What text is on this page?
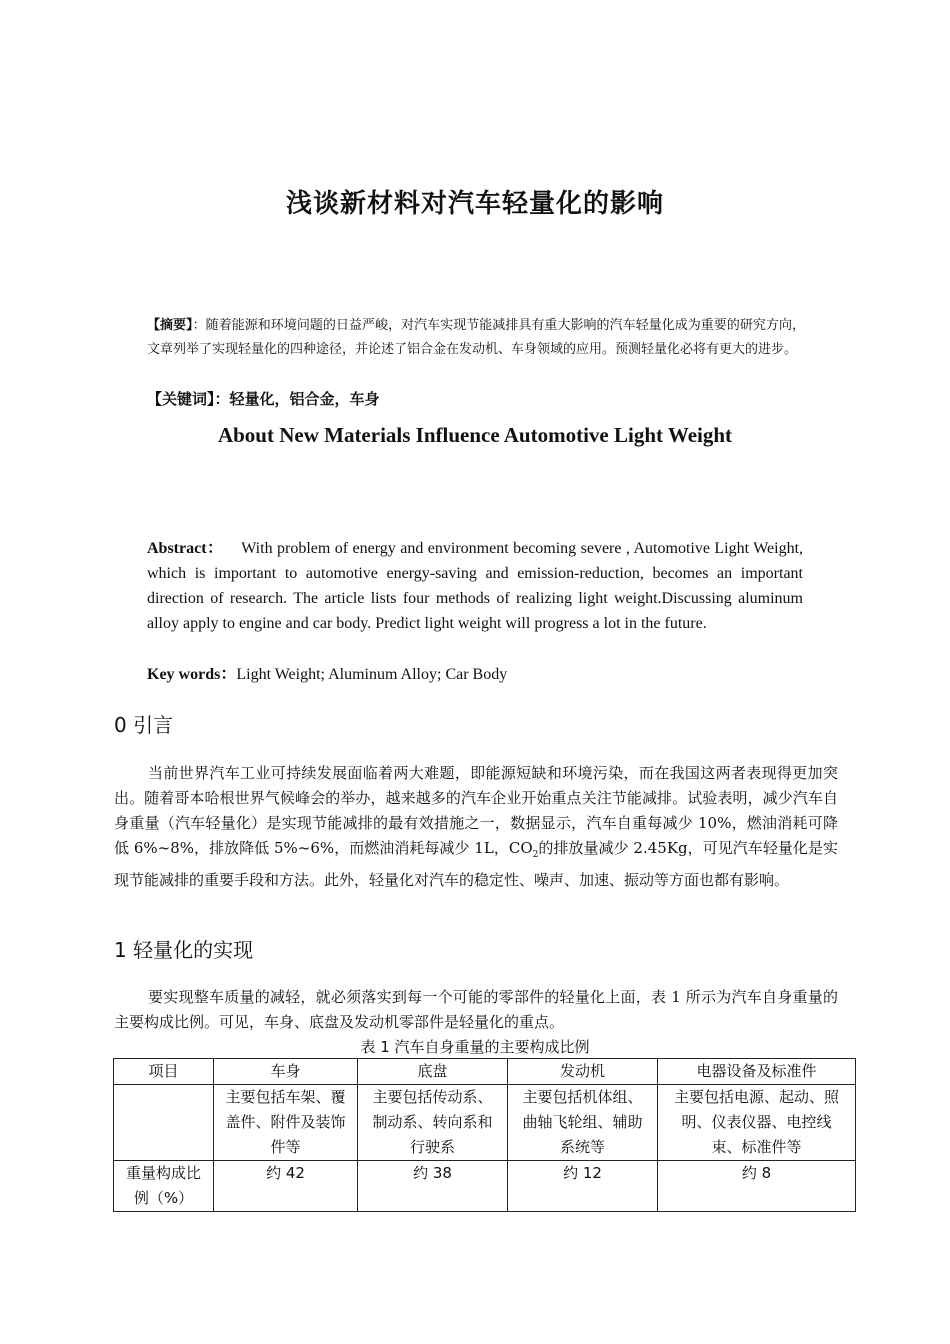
浅谈新材料对汽车轻量化的影响
【摘要】：随着能源和环境问题的日益严峻，对汽车实现节能减排具有重大影响的汽车轻量化成为重要的研究方向，文章列举了实现轻量化的四种途径，并论述了铝合金在发动机、车身领域的应用。预测轻量化必将有更大的进步。
【关键词】：轻量化，铝合金，车身
About New Materials Influence Automotive Light Weight
Abstract： With problem of energy and environment becoming severe , Automotive Light Weight, which is important to automotive energy-saving and emission-reduction, becomes an important direction of research. The article lists four methods of realizing light weight.Discussing aluminum alloy apply to engine and car body. Predict light weight will progress a lot in the future.
Key words：Light Weight; Aluminum Alloy; Car Body
0 引言
当前世界汽车工业可持续发展面临着两大难题，即能源短缺和环境污染，而在我国这两者表现得更加突出。随着哥本哈根世界气候峰会的举办，越来越多的汽车企业开始重点关注节能减排。试验表明，减少汽车自身重量（汽车轻量化）是实现节能减排的最有效措施之一，数据显示，汽车自重每减少 10%，燃油消耗可降低 6%~8%，排放降低 5%~6%，而燃油消耗每减少 1L，$CO_2$的排放量减少 2.45Kg，可见汽车轻量化是实现节能减排的重要手段和方法。此外，轻量化对汽车的稳定性、噪声、加速、振动等方面也都有影响。
1 轻量化的实现
要实现整车质量的减轻，就必须落实到每一个可能的零部件的轻量化上面，表 1 所示为汽车自身重量的主要构成比例。可见，车身、底盘及发动机零部件是轻量化的重点。
表 1 汽车自身重量的主要构成比例
项目	车身	底盘	发动机	电器设备及标准件
	主要包括车架、覆盖件、附件及装饰件等	主要包括传动系、制动系、转向系和行驶系	主要包括机体组、曲轴飞轮组、辅助系统等	主要包括电源、起动、照明、仪表仪器、电控线束、标准件等
重量构成比例（%）	约 42	约 38	约 12	约 8
